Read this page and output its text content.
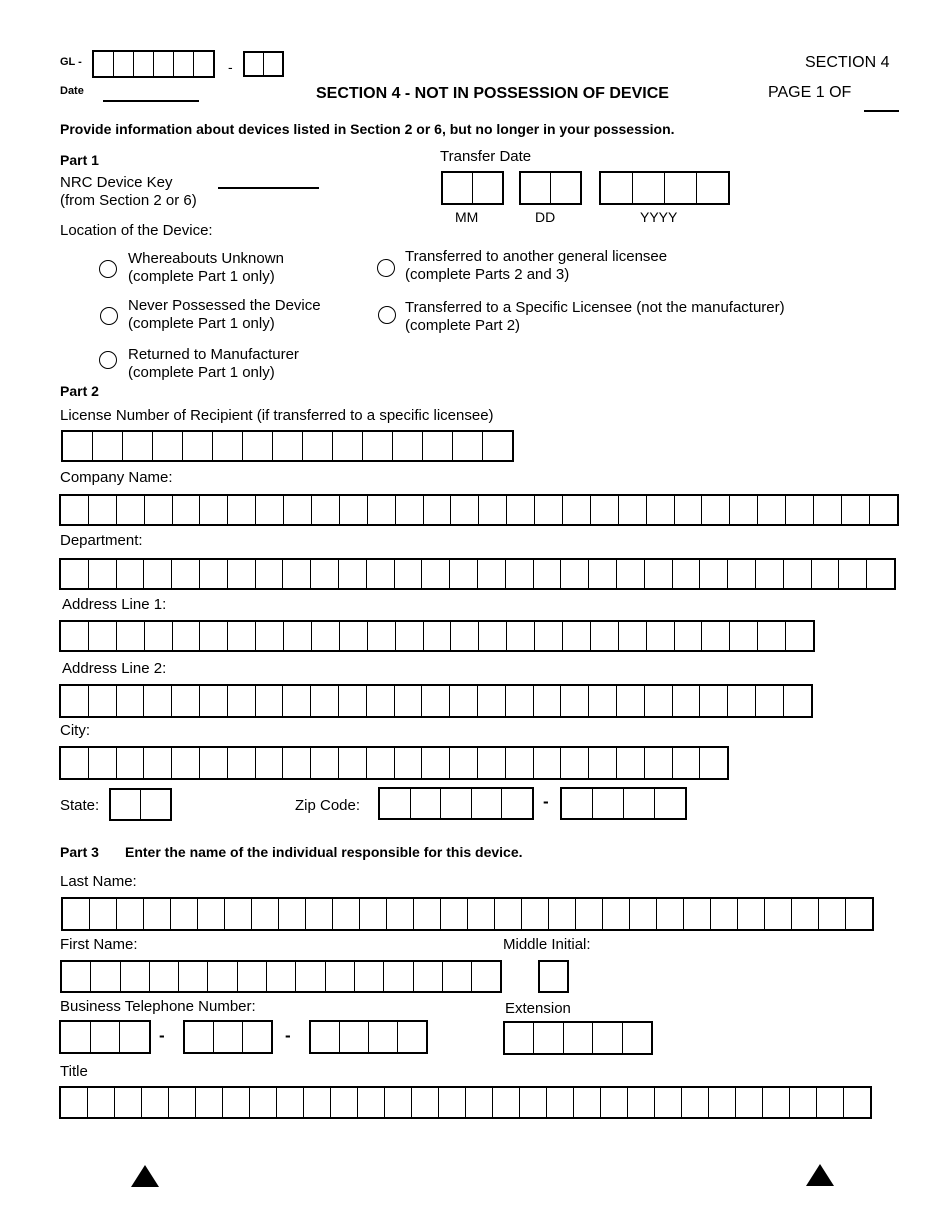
GL -	-
Date	SECTION 4 - NOT IN POSSESSION OF DEVICE
SECTION 4
PAGE 1 OF
Provide information about devices listed in Section 2 or 6, but no longer in your possession.
Part 1
NRC Device Key
(from Section 2 or 6)
Transfer Date
MM	DD	YYYY
Location of the Device:
Whereabouts Unknown
(complete Part 1 only)
Never Possessed the Device
(complete Part 1 only)
Returned to Manufacturer
(complete Part 1 only)
Transferred to another general licensee
(complete Parts 2 and 3)
Transferred to a Specific Licensee (not the manufacturer)
(complete Part 2)
Part 2
License Number of Recipient (if transferred to a specific licensee)
Company Name:
Department:
Address Line 1:
Address Line 2:
City:
State:	Zip Code:	-
Part 3 Enter the name of the individual responsible for this device.
Last Name:
First Name:	Middle Initial:
Business Telephone Number:
-	-
Extension
Title
